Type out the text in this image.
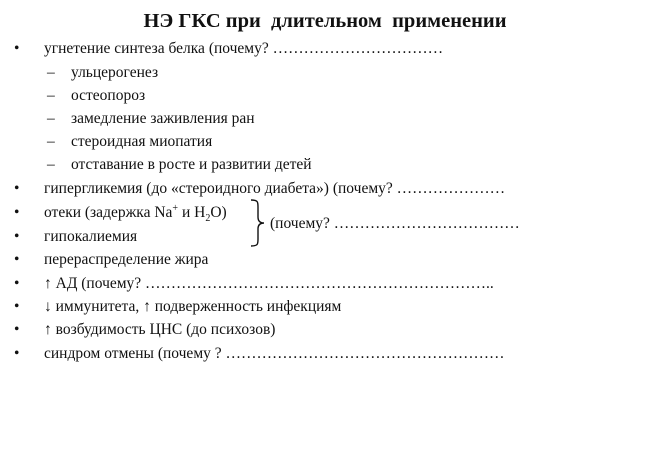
НЭ ГКС при  длительном  применении
• угнетение синтеза белка (почему? ……………………………
– ульцерогенез
– остеопороз
– замедление заживления ран
– стероидная миопатия
– отставание в росте и развитии детей
• гипергликемия (до «стероидного диабета») (почему? …………………
• отеки (задержка Na+ и $H_2O$)
• гипокалиемия
(почему? ………………………………
• перераспределение жира
• ↑ АД (почему? …………………………………………………………..
• ↓ иммунитета, ↑ подверженность инфекциям
• ↑ возбудимость ЦНС (до психозов)
• синдром отмены (почему ? ………………………………………………
